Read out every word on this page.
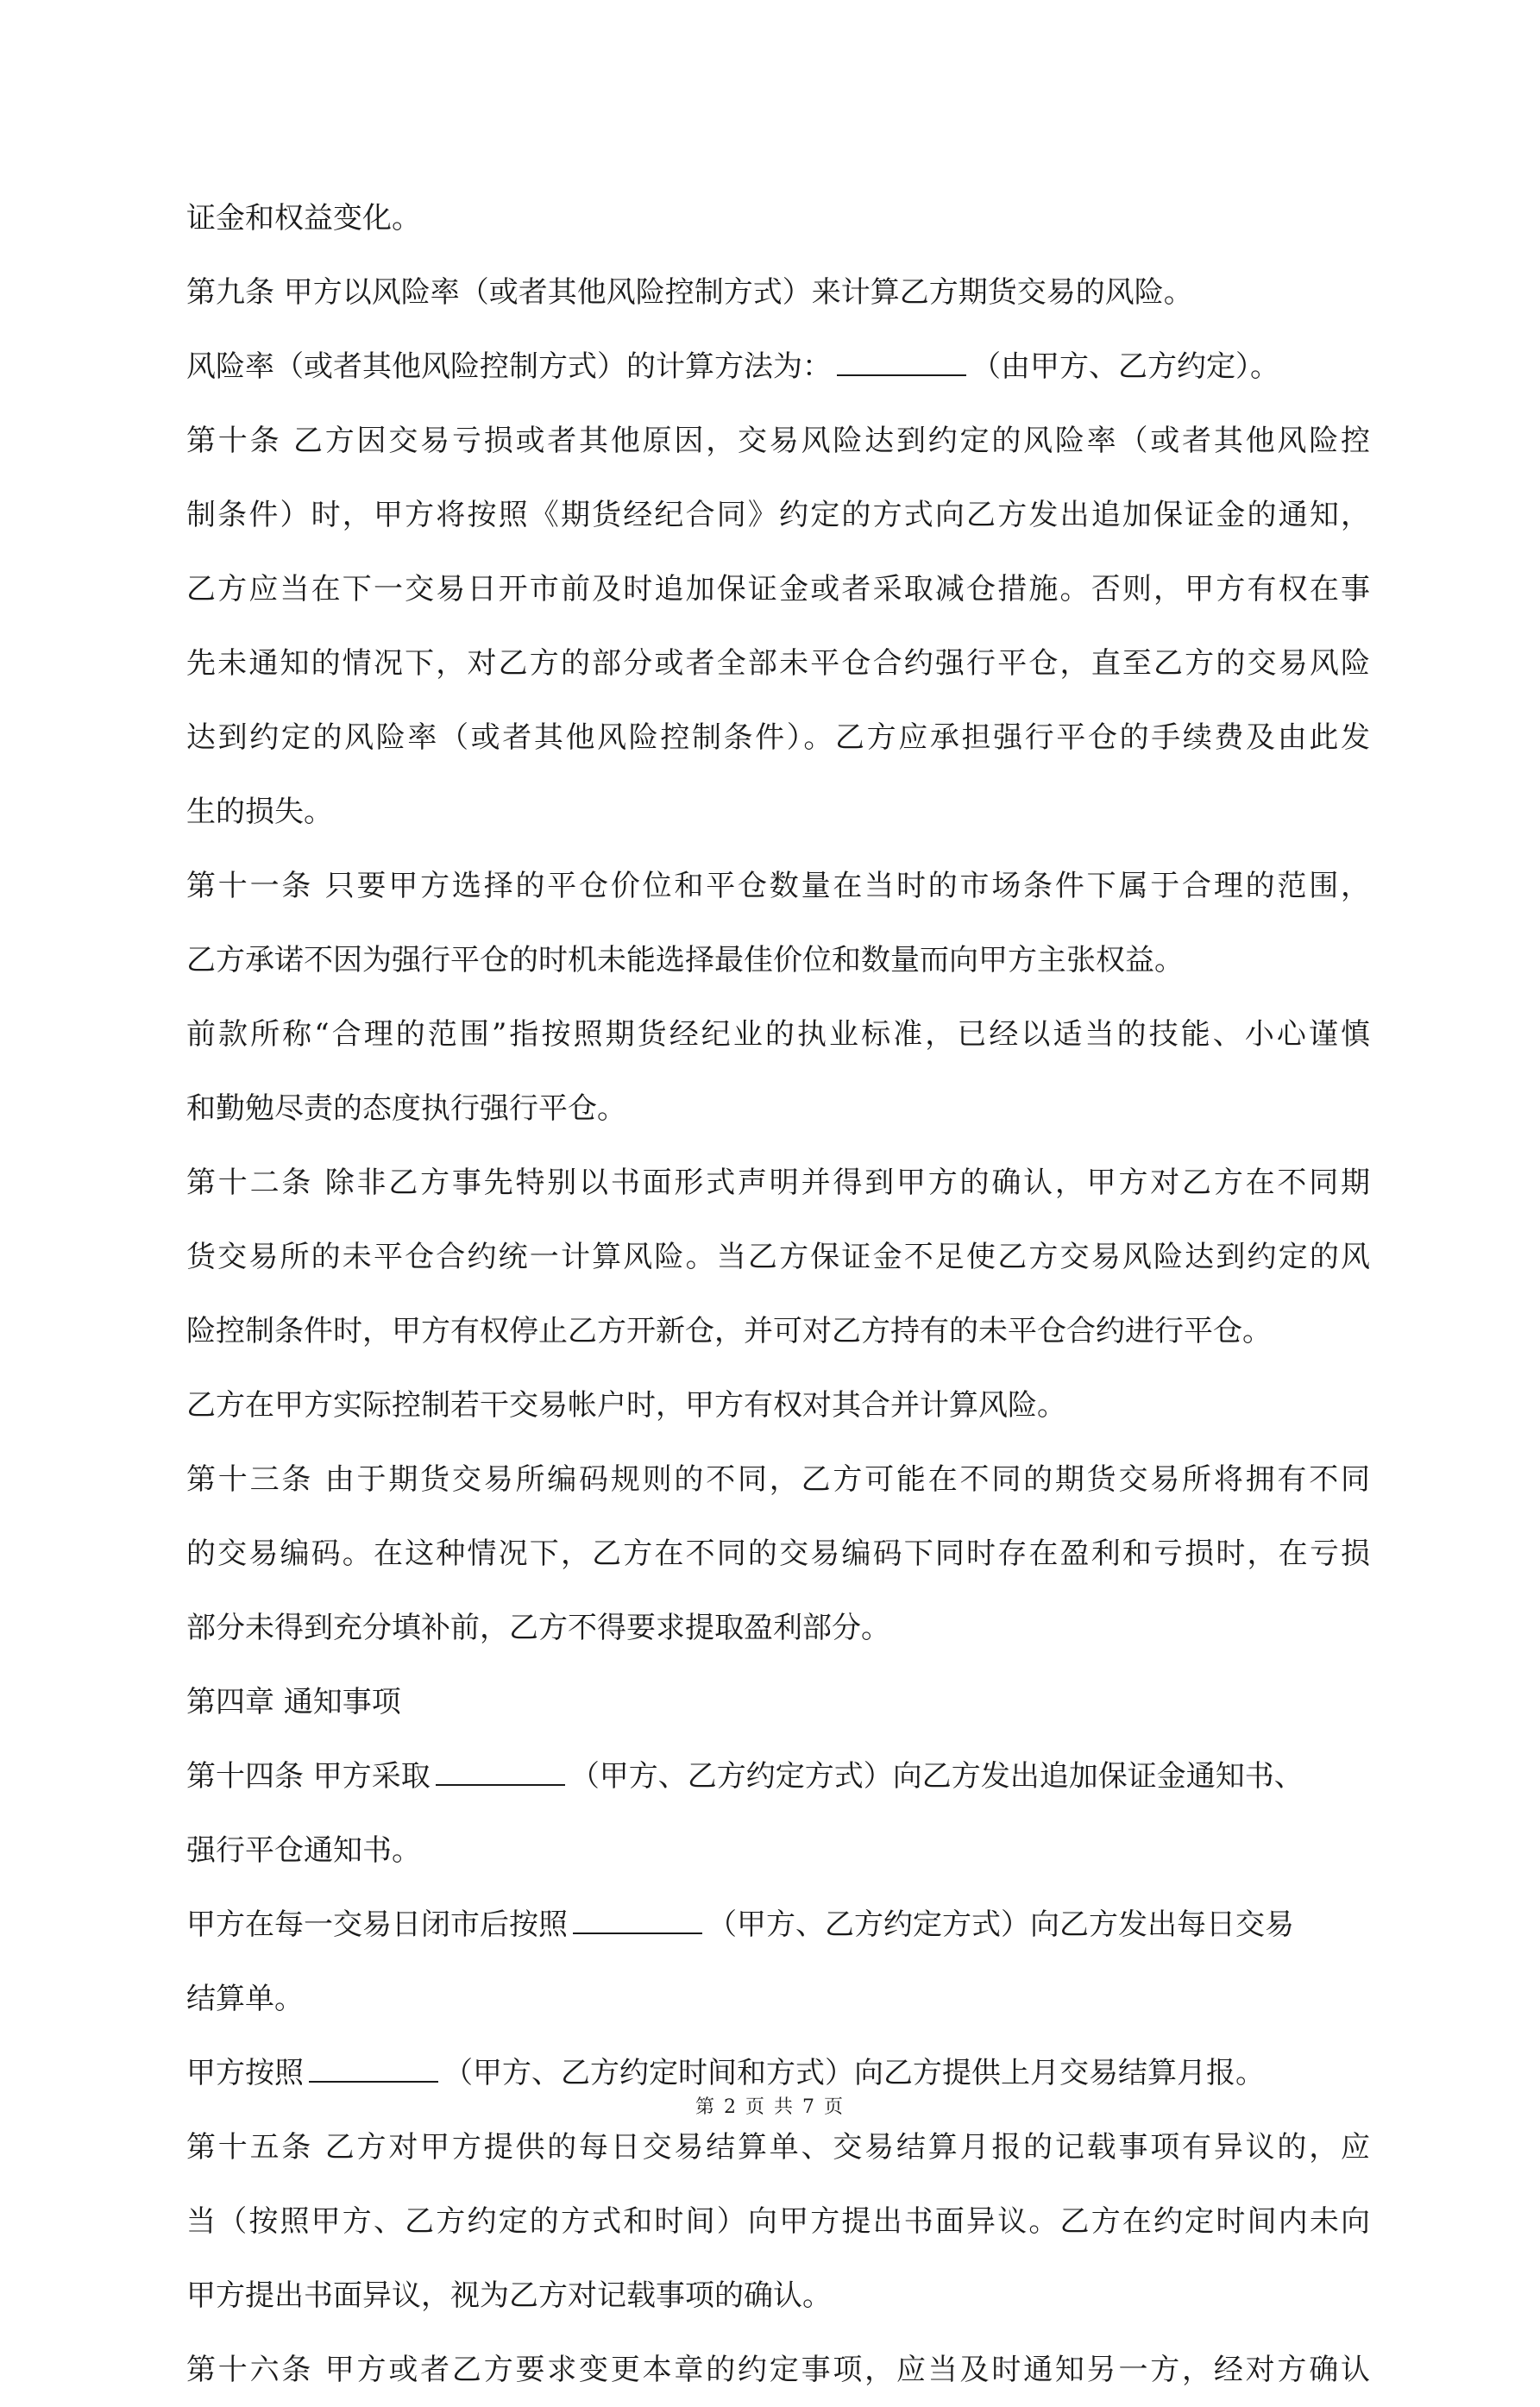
证金和权益变化。
第九条 甲方以风险率（或者其他风险控制方式）来计算乙方期货交易的风险。
风险率（或者其他风险控制方式）的计算方法为：	（由甲方、乙方约定）。
第十条 乙方因交易亏损或者其他原因，交易风险达到约定的风险率（或者其他风险控
制条件）时，甲方将按照《期货经纪合同》约定的方式向乙方发出追加保证金的通知，
乙方应当在下一交易日开市前及时追加保证金或者采取减仓措施。否则，甲方有权在事
先未通知的情况下，对乙方的部分或者全部未平仓合约强行平仓，直至乙方的交易风险
达到约定的风险率（或者其他风险控制条件）。乙方应承担强行平仓的手续费及由此发
生的损失。
第十一条 只要甲方选择的平仓价位和平仓数量在当时的市场条件下属于合理的范围，
乙方承诺不因为强行平仓的时机未能选择最佳价位和数量而向甲方主张权益。
前款所称“合理的范围”指按照期货经纪业的执业标准，已经以适当的技能、小心谨慎
和勤勉尽责的态度执行强行平仓。
第十二条 除非乙方事先特别以书面形式声明并得到甲方的确认，甲方对乙方在不同期
货交易所的未平仓合约统一计算风险。当乙方保证金不足使乙方交易风险达到约定的风
险控制条件时，甲方有权停止乙方开新仓，并可对乙方持有的未平仓合约进行平仓。
乙方在甲方实际控制若干交易帐户时，甲方有权对其合并计算风险。
第十三条 由于期货交易所编码规则的不同，乙方可能在不同的期货交易所将拥有不同
的交易编码。在这种情况下，乙方在不同的交易编码下同时存在盈利和亏损时，在亏损
部分未得到充分填补前，乙方不得要求提取盈利部分。
第四章 通知事项
第十四条 甲方采取	（甲方、乙方约定方式）向乙方发出追加保证金通知书、
强行平仓通知书。
甲方在每一交易日闭市后按照	（甲方、乙方约定方式）向乙方发出每日交易
结算单。
甲方按照	（甲方、乙方约定时间和方式）向乙方提供上月交易结算月报。
第十五条 乙方对甲方提供的每日交易结算单、交易结算月报的记载事项有异议的，应
当（按照甲方、乙方约定的方式和时间）向甲方提出书面异议。乙方在约定时间内未向
甲方提出书面异议，视为乙方对记载事项的确认。
第十六条 甲方或者乙方要求变更本章的约定事项，应当及时通知另一方，经对方确认
第 2 页 共 7 页
